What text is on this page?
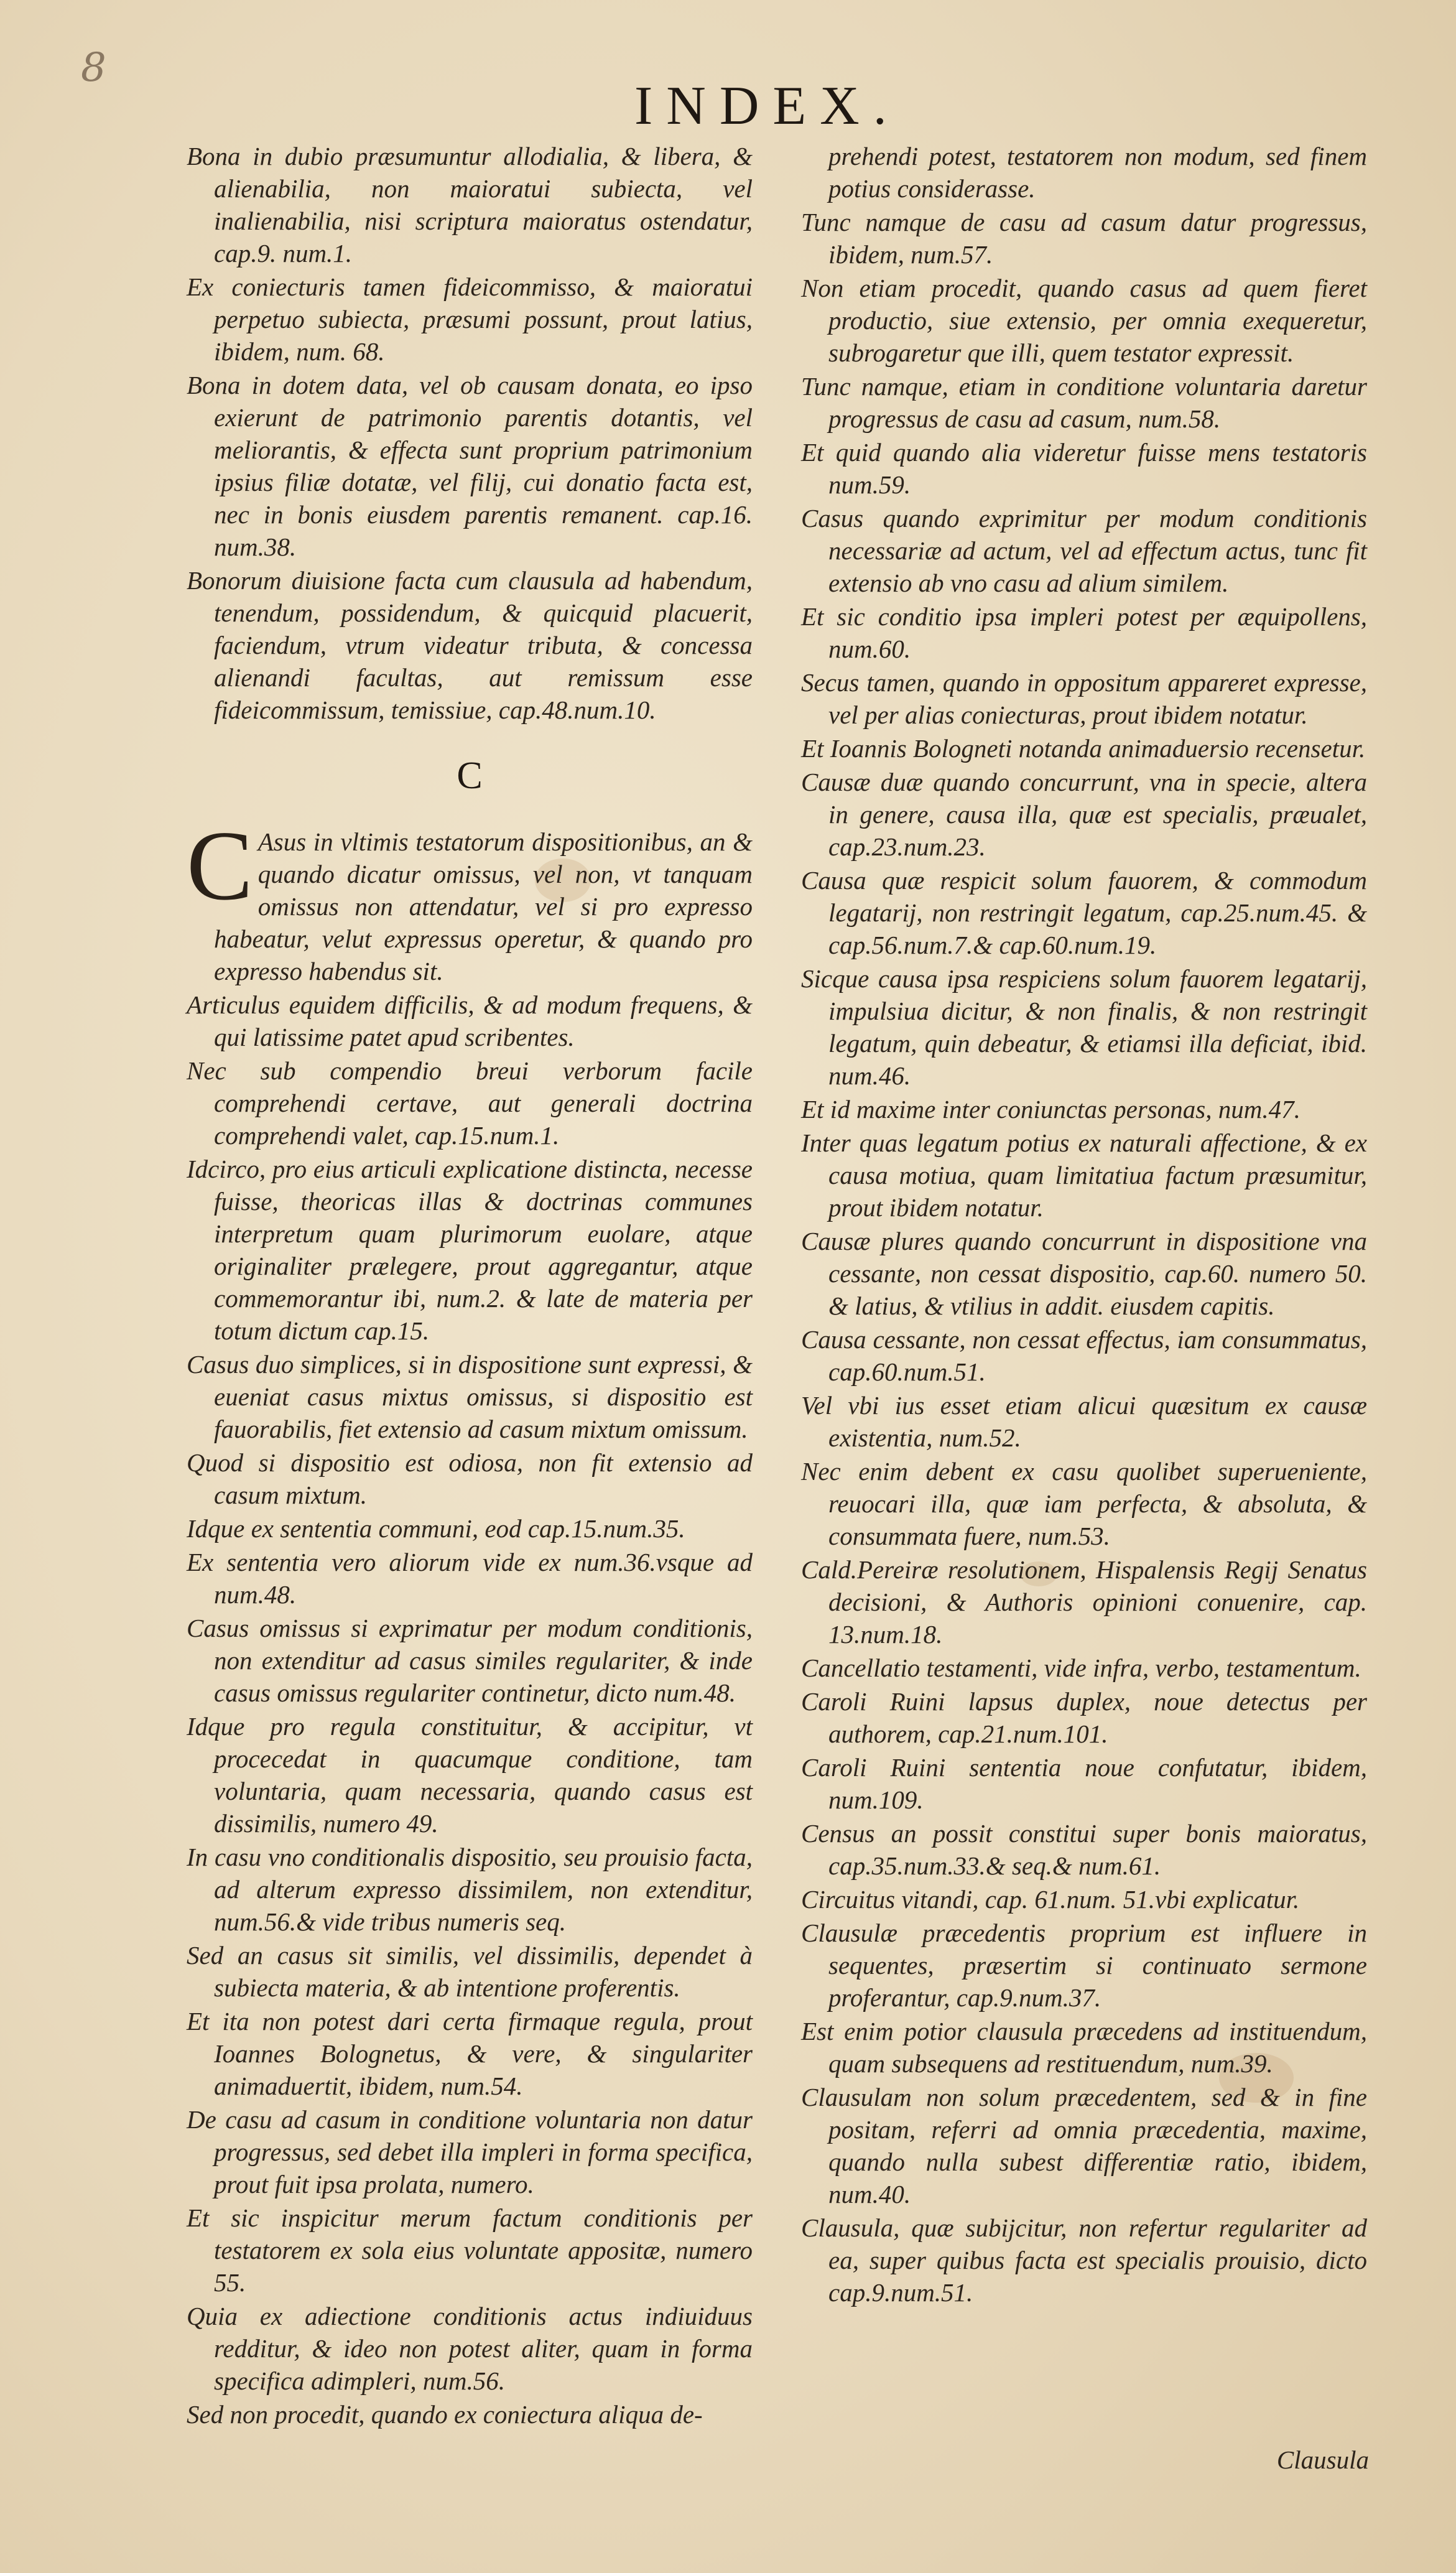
8
INDEX.

Bona in dubio præsumuntur allodialia, & libera, & alienabilia, non maioratui subiecta, vel inalienabilia, nisi scriptura maioratus ostendatur, cap.9. num.1.

Ex coniecturis tamen fideicommisso, & maioratui perpetuo subiecta, præsumi possunt, prout latius, ibidem, num. 68.

Bona in dotem data, vel ob causam donata, eo ipso exierunt de patrimonio parentis dotantis, vel meliorantis, & effecta sunt proprium patrimonium ipsius filiæ dotatæ, vel filij, cui donatio facta est, nec in bonis eiusdem parentis remanent. cap.16. num.38.

Bonorum diuisione facta cum clausula ad habendum, tenendum, possidendum, & quicquid placuerit, faciendum, vtrum videatur tributa, & concessa alienandi facultas, aut remissum esse fideicommissum, temissiue, cap.48.num.10.

C

C Asus in vltimis testatorum dispositionibus, an & quando dicatur omissus, vel non, vt tanquam omissus non attendatur, vel si pro expresso habeatur, velut expressus operetur, & quando pro expresso habendus sit.

Articulus equidem difficilis, & ad modum frequens, & qui latissime patet apud scribentes.

Nec sub compendio breui verborum facile comprehendi certave, aut generali doctrina comprehendi valet, cap.15.num.1.

Idcirco, pro eius articuli explicatione distincta, necesse fuisse, theoricas illas & doctrinas communes interpretum quam plurimorum euolare, atque originaliter prælegere, prout aggregantur, atque commemorantur ibi, num.2. & late de materia per totum dictum cap.15.

Casus duo simplices, si in dispositione sunt expressi, & eueniat casus mixtus omissus, si dispositio est fauorabilis, fiet extensio ad casum mixtum omissum.

Quod si dispositio est odiosa, non fit extensio ad casum mixtum.

Idque ex sententia communi, eod cap.15.num.35.

Ex sententia vero aliorum vide ex num.36.vsque ad num.48.

Casus omissus si exprimatur per modum conditionis, non extenditur ad casus similes regulariter, & inde casus omissus regulariter continetur, dicto num.48.

Idque pro regula constituitur, & accipitur, vt procecedat in quacumque conditione, tam voluntaria, quam necessaria, quando casus est dissimilis, numero 49.

In casu vno conditionalis dispositio, seu prouisio facta, ad alterum expresso dissimilem, non extenditur, num.56.& vide tribus numeris seq.

Sed an casus sit similis, vel dissimilis, dependet à subiecta materia, & ab intentione proferentis.

Et ita non potest dari certa firmaque regula, prout Ioannes Bolognetus, & vere, & singulariter animaduertit, ibidem, num.54.

De casu ad casum in conditione voluntaria non datur progressus, sed debet illa impleri in forma specifica, prout fuit ipsa prolata, numero.

Et sic inspicitur merum factum conditionis per testatorem ex sola eius voluntate appositæ, numero 55.

Quia ex adiectione conditionis actus indiuiduus redditur, & ideo non potest aliter, quam in forma specifica adimpleri, num.56.

Sed non procedit, quando ex coniectura aliqua de-

prehendi potest, testatorem non modum, sed finem potius considerasse.

Tunc namque de casu ad casum datur progressus, ibidem, num.57.

Non etiam procedit, quando casus ad quem fieret productio, siue extensio, per omnia exequeretur, subrogaretur que illi, quem testator expressit.

Tunc namque, etiam in conditione voluntaria daretur progressus de casu ad casum, num.58.

Et quid quando alia videretur fuisse mens testatoris num.59.

Casus quando exprimitur per modum conditionis necessariæ ad actum, vel ad effectum actus, tunc fit extensio ab vno casu ad alium similem.

Et sic conditio ipsa impleri potest per æquipollens, num.60.

Secus tamen, quando in oppositum appareret expresse, vel per alias coniecturas, prout ibidem notatur.

Et Ioannis Bologneti notanda animaduersio recensetur.

Causæ duæ quando concurrunt, vna in specie, altera in genere, causa illa, quæ est specialis, præualet, cap.23.num.23.

Causa quæ respicit solum fauorem, & commodum legatarij, non restringit legatum, cap.25.num.45. & cap.56.num.7.& cap.60.num.19.

Sicque causa ipsa respiciens solum fauorem legatarij, impulsiua dicitur, & non finalis, & non restringit legatum, quin debeatur, & etiamsi illa deficiat, ibid. num.46.

Et id maxime inter coniunctas personas, num.47.

Inter quas legatum potius ex naturali affectione, & ex causa motiua, quam limitatiua factum præsumitur, prout ibidem notatur.

Causæ plures quando concurrunt in dispositione vna cessante, non cessat dispositio, cap.60. numero 50. & latius, & vtilius in addit. eiusdem capitis.

Causa cessante, non cessat effectus, iam consummatus, cap.60.num.51.

Vel vbi ius esset etiam alicui quæsitum ex causæ existentia, num.52.

Nec enim debent ex casu quolibet superueniente, reuocari illa, quæ iam perfecta, & absoluta, & consummata fuere, num.53.

Cald.Pereiræ resolutionem, Hispalensis Regij Senatus decisioni, & Authoris opinioni conuenire, cap. 13.num.18.

Cancellatio testamenti, vide infra, verbo, testamentum.

Caroli Ruini lapsus duplex, noue detectus per authorem, cap.21.num.101.

Caroli Ruini sententia noue confutatur, ibidem, num.109.

Census an possit constitui super bonis maioratus, cap.35.num.33.& seq.& num.61.

Circuitus vitandi, cap. 61.num. 51.vbi explicatur.

Clausulæ præcedentis proprium est influere in sequentes, præsertim si continuato sermone proferantur, cap.9.num.37.

Est enim potior clausula præcedens ad instituendum, quam subsequens ad restituendum, num.39.

Clausulam non solum præcedentem, sed & in fine positam, referri ad omnia præcedentia, maxime, quando nulla subest differentiæ ratio, ibidem, num.40.

Clausula, quæ subijcitur, non refertur regulariter ad ea, super quibus facta est specialis prouisio, dicto cap.9.num.51.

Clausula
